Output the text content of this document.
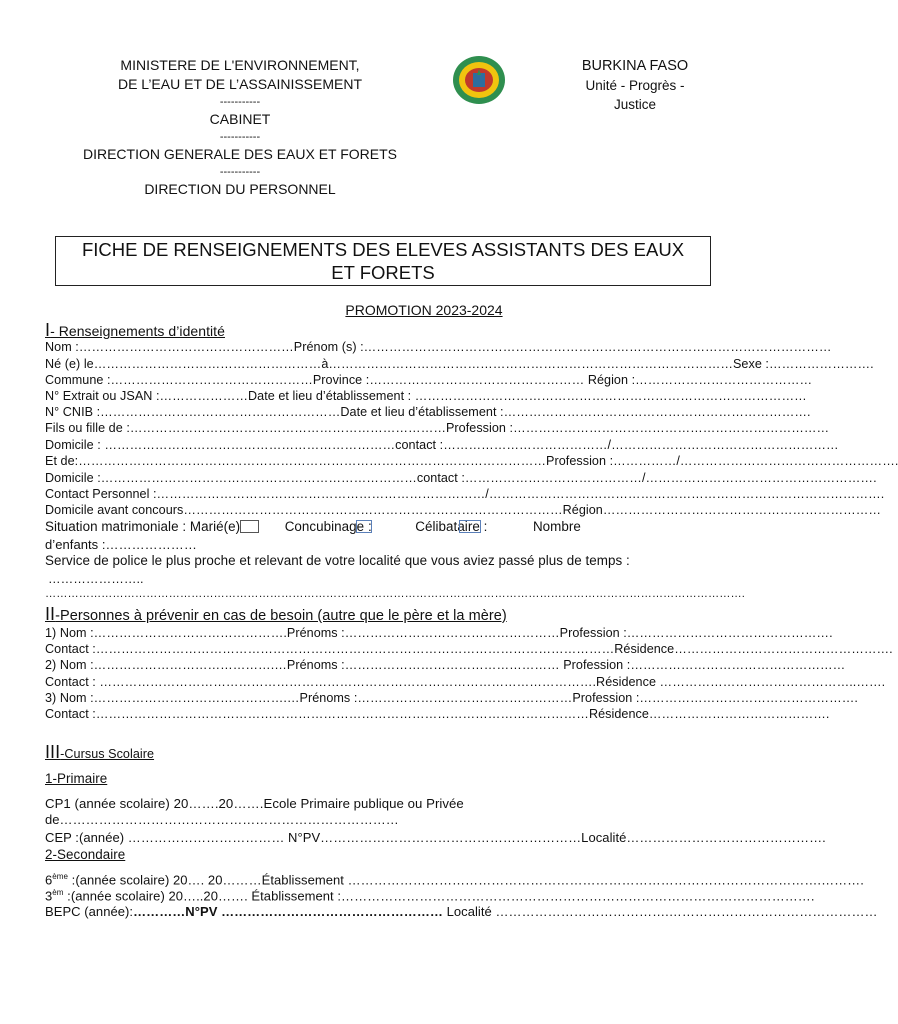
MINISTERE DE L'ENVIRONNEMENT,
DE L’EAU ET DE L’ASSAINISSEMENT
-----------
CABINET
-----------
DIRECTION GENERALE DES EAUX ET FORETS
-----------
DIRECTION DU PERSONNEL
BURKINA FASO
Unité - Progrès -
Justice
FICHE DE RENSEIGNEMENTS DES ELEVES ASSISTANTS DES EAUX
ET FORETS
PROMOTION 2023-2024
I- Renseignements d’identité
Nom :……………………………………………Prénom (s) :…………………………………………………………………………………………………
Né (e) le………………………………………………à……………………………………………………………………………………Sexe :…………………….
Commune :…………………………………………Province :…………………………………………… Région :……………………………………
N° Extrait ou JSAN :…………………Date et lieu d’établissement : …………………………………………………………………………………
N° CNIB :…………………………………………………Date et lieu d’établissement :……………………………………………………………….
Fils ou fille de :…………………………………………………………………Profession :…………………………………………………………………
Domicile : ……………………………………………………………contact :…………………………………/………………………………………………
Et de:…………………………………………………………………………………………………Profession :……………/…………………………………………….
Domicile :…………………………………………………………………contact :……………………………………/……………………………………………….
Contact Personnel :……………………………………………………………………/………………………………………………………………………………….
Domicile avant concours………………………………………………………………………………Région…………………………………………………………
Situation matrimoniale : Marié(e)	Concubinage :	Célibataire :	Nombre
d’enfants :…………………
Service de police le plus proche et relevant de votre localité que vous aviez passé plus de temps :
…………………..
…………………………………………………………………………………………………………………………………………………………………….
II-Personnes à prévenir en cas de besoin (autre que le père et la mère)
1) Nom :……………………………………….Prénoms :……………………………………………Profession :………………………………………….
Contact :……………………………………………………………………………………………………………Résidence…………………………………………….
2) Nom :…………………………………….…Prénoms :…………………………………………… Profession :……………………………………………
Contact : ……………………………………………………………………………………………………….Résidence ………………………………………..…….
3) Nom :……………………………………….…Prénoms :……………………………………………Profession :…………………………………………….
Contact :………………………………………………………………………………………………………Résidence…………………………………….
III-Cursus Scolaire
1-Primaire
CP1 (année scolaire) 20…….20…….Ecole Primaire publique ou Privée
de……………………………………………………………………
CEP :(année) ……………………………… N°PV……………………………………………………Localité……………………………………….
2-Secondaire
6ème :(année scolaire) 20…. 20………Établissement ……………………………………………………………………………………………….……….
$3^{èm}$ :(année scolaire) 20…..20……. Établissement :……………………………………………………………………………………………….
BEPC (année):…………N°PV …………………………………………… Localité ………………………………….…………………………………………
